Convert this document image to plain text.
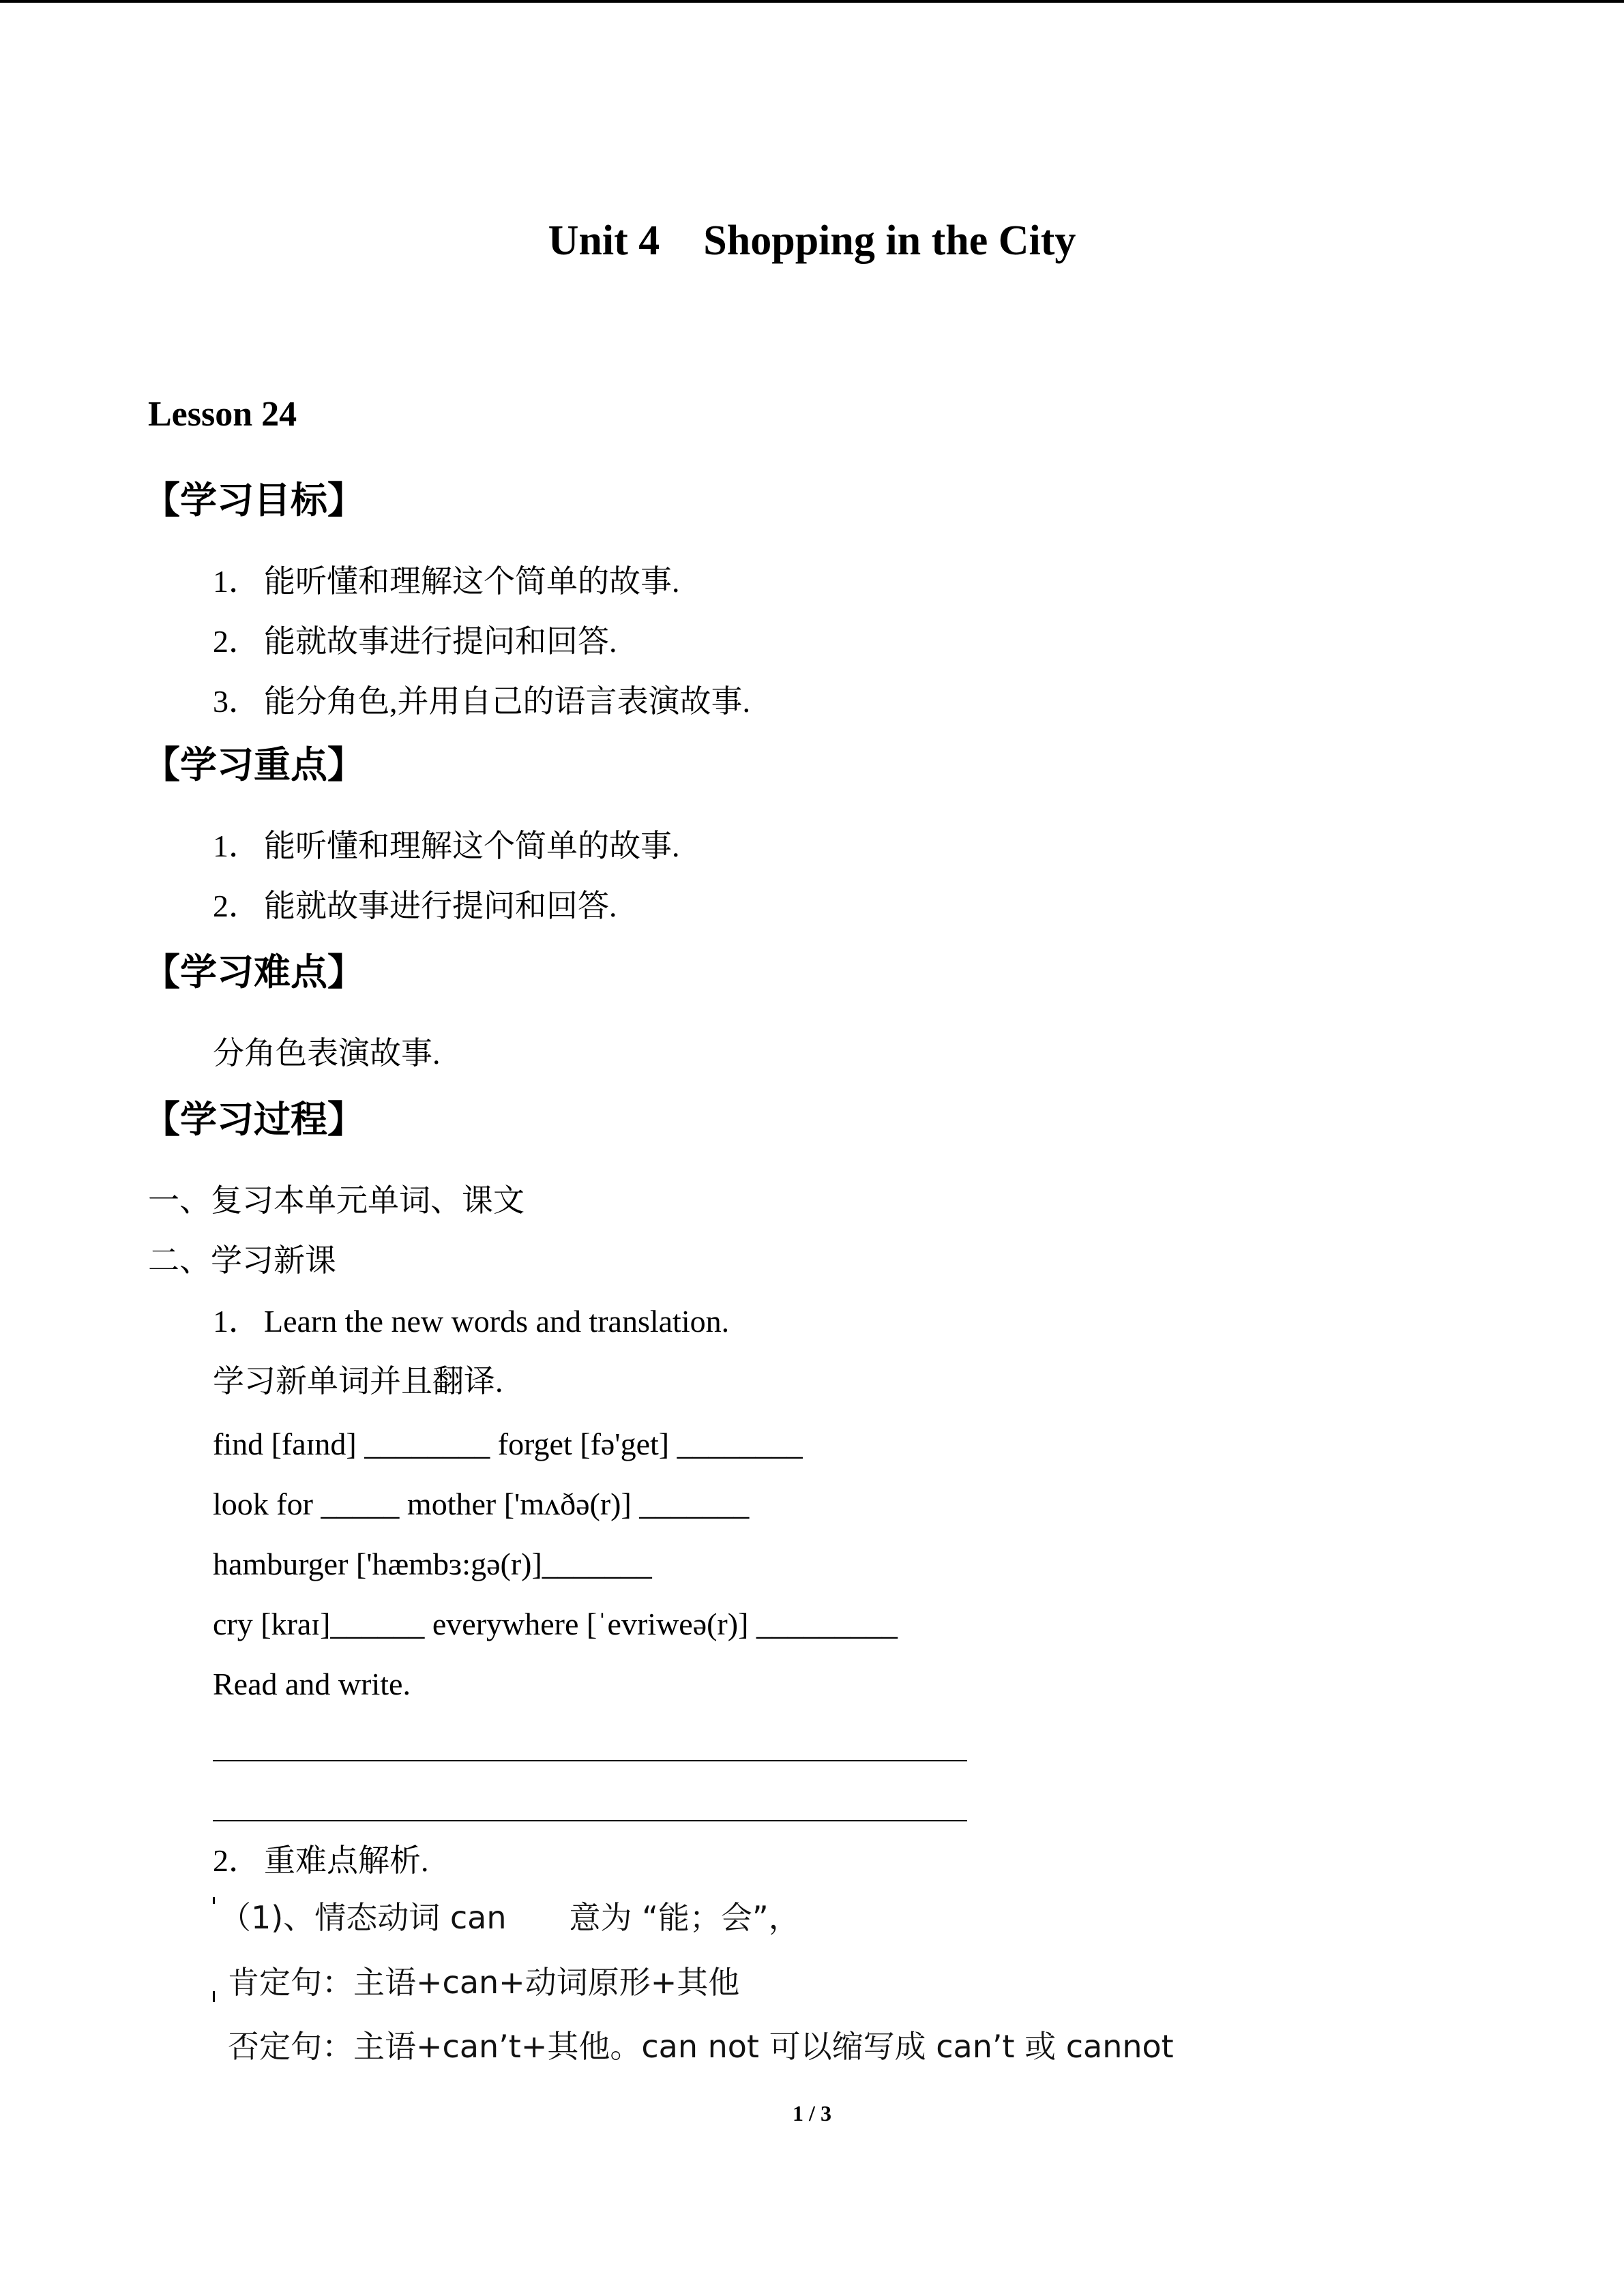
Unit 4 Shopping in the City
Lesson 24
【学习目标】
1． 能听懂和理解这个简单的故事.
2． 能就故事进行提问和回答.
3． 能分角色,并用自己的语言表演故事.
【学习重点】
1． 能听懂和理解这个简单的故事.
2． 能就故事进行提问和回答.
【学习难点】
分角色表演故事.
【学习过程】
一、复习本单元单词、课文
二、学习新课
1． Learn the new words and translation.
学习新单词并且翻译.
find [faɪnd] ________ forget [fə'get] ________
look for _____ mother ['mʌðə(r)] _______
hamburger ['hæmbɜ:gə(r)]_______
cry [kraɪ]______ everywhere [ˈevriweə(r)] _________
Read and write.
2． 重难点解析.
（1)、情态动词 can　　意为 “能；会”，
肯定句：主语+can+动词原形+其他
否定句：主语+can’t+其他。can not 可以缩写成 can’t 或 cannot
1 / 3
